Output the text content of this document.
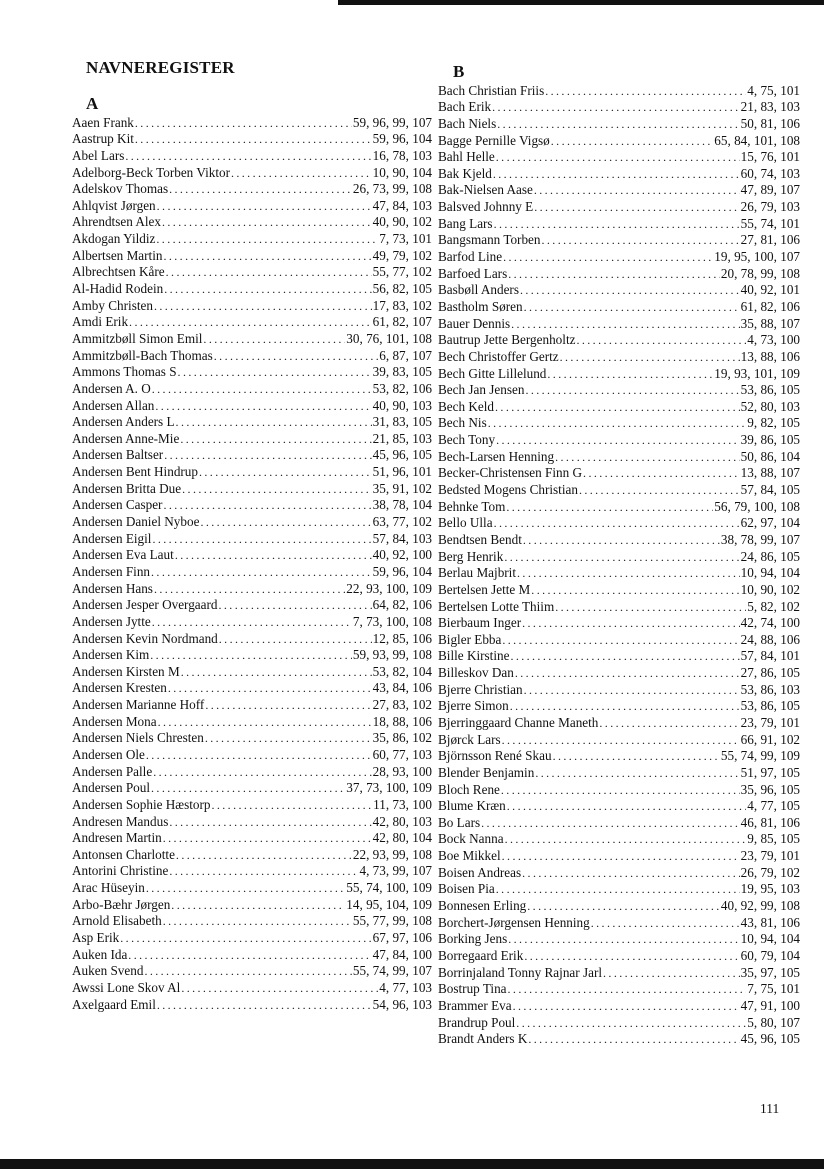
NAVNEREGISTER
A
Aaen Frank .....	59, 96, 99, 107
Aastrup Kit .....	59, 96, 104
Abel Lars .....	16, 78, 103
Adelborg-Beck Torben Viktor .....	10, 90, 104
Adelskov Thomas .....	26, 73, 99, 108
Ahlqvist Jørgen .....	47, 84, 103
Ahrendtsen Alex .....	40, 90, 102
Akdogan Yildiz .....	7, 73, 101
Albertsen Martin .....	49, 79, 102
Albrechtsen Kåre .....	55, 77, 102
Al-Hadid Rodein .....	56, 82, 105
Amby Christen .....	17, 83, 102
Amdi Erik .....	61, 82, 107
Ammitzbøll Simon Emil .....	30, 76, 101, 108
Ammitzbøll-Bach Thomas .....	6, 87, 107
Ammons Thomas S .....	39, 83, 105
Andersen A. O .....	53, 82, 106
Andersen Allan .....	40, 90, 103
Andersen Anders L .....	31, 83, 105
Andersen Anne-Mie .....	21, 85, 103
Andersen Baltser .....	45, 96, 105
Andersen Bent Hindrup .....	51, 96, 101
Andersen Britta Due .....	35, 91, 102
Andersen Casper .....	38, 78, 104
Andersen Daniel Nyboe .....	63, 77, 102
Andersen Eigil .....	57, 84, 103
Andersen Eva Laut .....	40, 92, 100
Andersen Finn .....	59, 96, 104
Andersen Hans .....	22, 93, 100, 109
Andersen Jesper Overgaard .....	64, 82, 106
Andersen Jytte .....	7, 73, 100, 108
Andersen Kevin Nordmand .....	12, 85, 106
Andersen Kim .....	59, 93, 99, 108
Andersen Kirsten M .....	53, 82, 104
Andersen Kresten .....	43, 84, 106
Andersen Marianne Hoff .....	27, 83, 102
Andersen Mona .....	18, 88, 106
Andersen Niels Chresten .....	35, 86, 102
Andersen Ole .....	60, 77, 103
Andersen Palle .....	28, 93, 100
Andersen Poul .....	37, 73, 100, 109
Andersen Sophie Hæstorp .....	11, 73, 100
Andresen Mandus .....	42, 80, 103
Andresen Martin .....	42, 80, 104
Antonsen Charlotte .....	22, 93, 99, 108
Antorini Christine .....	4, 73, 99, 107
Arac Hüseyin .....	55, 74, 100, 109
Arbo-Bæhr Jørgen .....	14, 95, 104, 109
Arnold Elisabeth .....	55, 77, 99, 108
Asp Erik .....	67, 97, 106
Auken Ida .....	47, 84, 100
Auken Svend .....	55, 74, 99, 107
Awssi Lone Skov Al .....	4, 77, 103
Axelgaard Emil .....	54, 96, 103
B
Bach Christian Friis .....	4, 75, 101
Bach Erik .....	21, 83, 103
Bach Niels .....	50, 81, 106
Bagge Pernille Vigsø .....	65, 84, 101, 108
Bahl Helle .....	15, 76, 101
Bak Kjeld .....	60, 74, 103
Bak-Nielsen Aase .....	47, 89, 107
Balsved Johnny E .....	26, 79, 103
Bang Lars .....	55, 74, 101
Bangsmann Torben .....	27, 81, 106
Barfod Line .....	19, 95, 100, 107
Barfoed Lars .....	20, 78, 99, 108
Basbøll Anders .....	40, 92, 101
Bastholm Søren .....	61, 82, 106
Bauer Dennis .....	35, 88, 107
Bautrup Jette Bergenholtz .....	4, 73, 100
Bech Christoffer Gertz .....	13, 88, 106
Bech Gitte Lillelund .....	19, 93, 101, 109
Bech Jan Jensen .....	53, 86, 105
Bech Keld .....	52, 80, 103
Bech Nis .....	9, 82, 105
Bech Tony .....	39, 86, 105
Bech-Larsen Henning .....	50, 86, 104
Becker-Christensen Finn G .....	13, 88, 107
Bedsted Mogens Christian .....	57, 84, 105
Behnke Tom .....	56, 79, 100, 108
Bello Ulla .....	62, 97, 104
Bendtsen Bendt .....	38, 78, 99, 107
Berg Henrik .....	24, 86, 105
Berlau Majbrit .....	10, 94, 104
Bertelsen Jette M .....	10, 90, 102
Bertelsen Lotte Thiim .....	5, 82, 102
Bierbaum Inger .....	42, 74, 100
Bigler Ebba .....	24, 88, 106
Bille Kirstine .....	57, 84, 101
Billeskov Dan .....	27, 86, 105
Bjerre Christian .....	53, 86, 103
Bjerre Simon .....	53, 86, 105
Bjerringgaard Channe Maneth .....	23, 79, 101
Bjørck Lars .....	66, 91, 102
Björnsson René Skau .....	55, 74, 99, 109
Blender Benjamin .....	51, 97, 105
Bloch Rene .....	35, 96, 105
Blume Kræn .....	4, 77, 105
Bo Lars .....	46, 81, 106
Bock Nanna .....	9, 85, 105
Boe Mikkel .....	23, 79, 101
Boisen Andreas .....	26, 79, 102
Boisen Pia .....	19, 95, 103
Bonnesen Erling .....	40, 92, 99, 108
Borchert-Jørgensen Henning .....	43, 81, 106
Borking Jens .....	10, 94, 104
Borregaard Erik .....	60, 79, 104
Borrinjaland Tonny Rajnar Jarl .....	35, 97, 105
Bostrup Tina .....	7, 75, 101
Brammer Eva .....	47, 91, 100
Brandrup Poul .....	5, 80, 107
Brandt Anders K .....	45, 96, 105
111
